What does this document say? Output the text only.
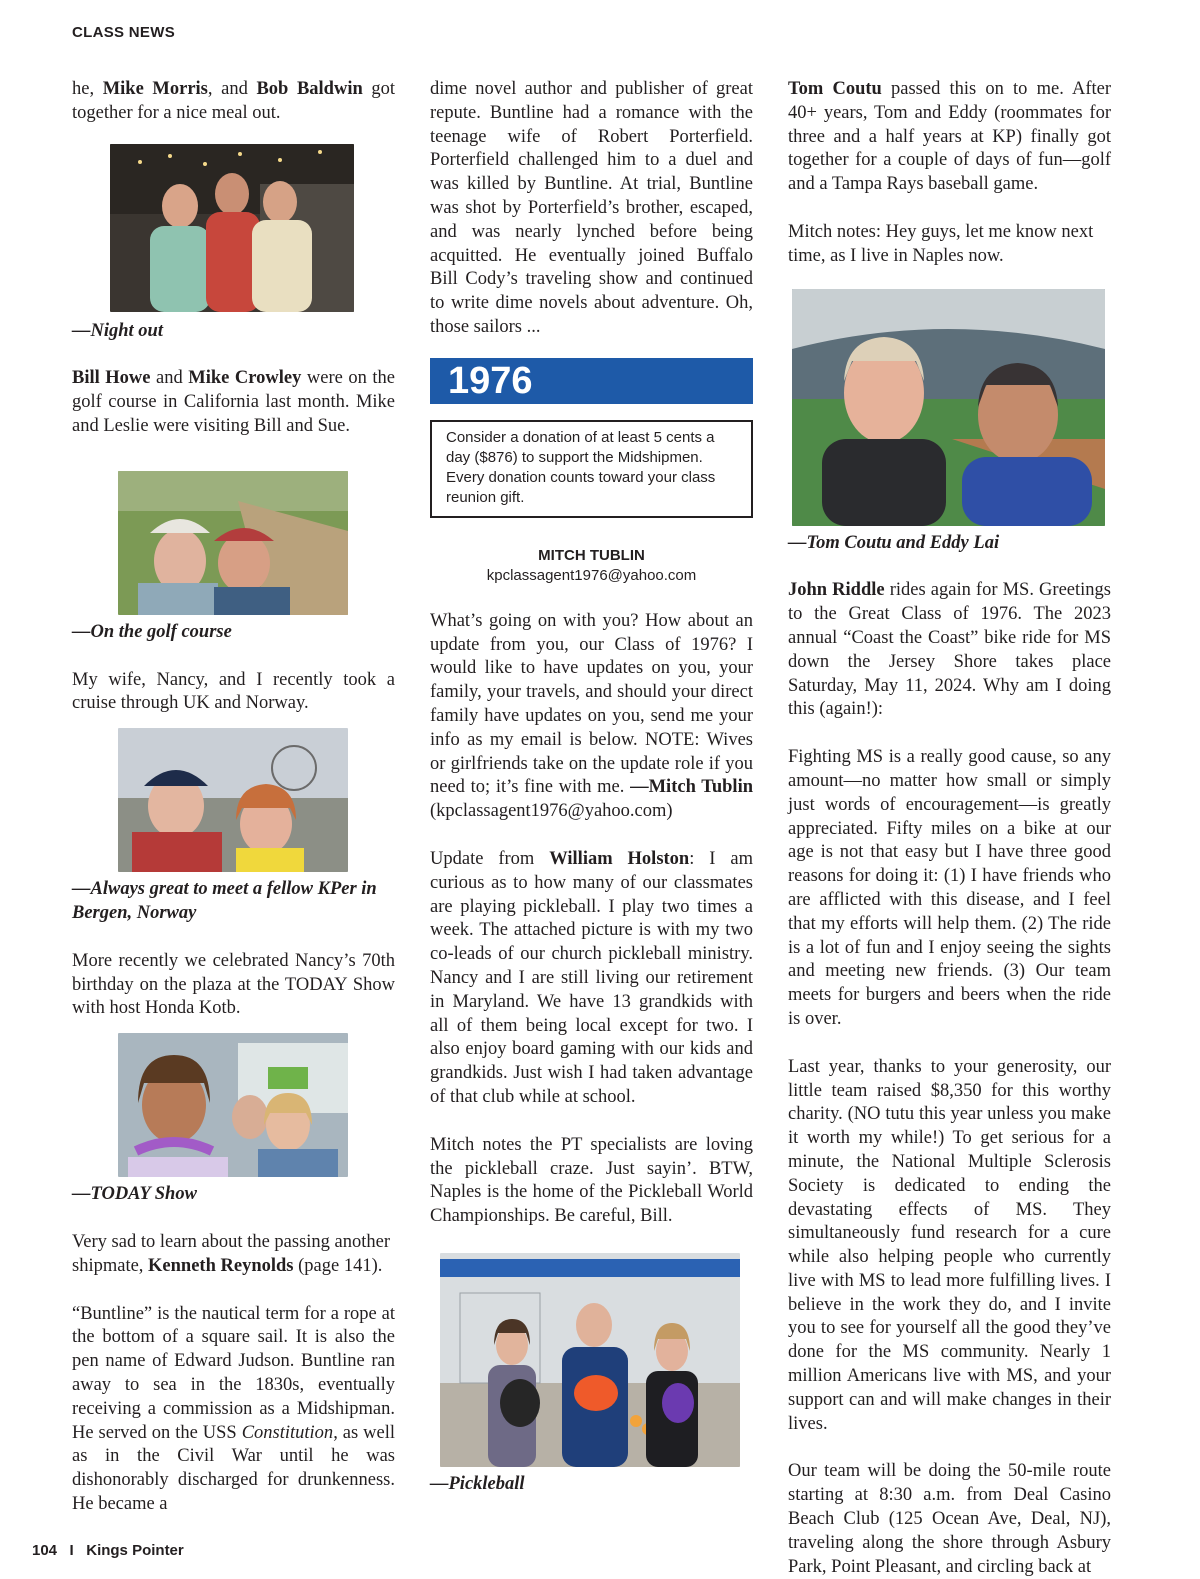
CLASS NEWS

he, Mike Morris, and Bob Baldwin got together for a nice meal out.

—Night out

Bill Howe and Mike Crowley were on the golf course in California last month. Mike and Leslie were visiting Bill and Sue.

—On the golf course

My wife, Nancy, and I recently took a cruise through UK and Norway.

—Always great to meet a fellow KPer in Bergen, Norway

More recently we celebrated Nancy’s 70th birthday on the plaza at the TODAY Show with host Honda Kotb.

—TODAY Show

Very sad to learn about the passing another shipmate, Kenneth Reynolds (page 141).

“Buntline” is the nautical term for a rope at the bottom of a square sail. It is also the pen name of Edward Judson. Buntline ran away to sea in the 1830s, eventually receiving a commission as a Midshipman. He served on the USS Constitution, as well as in the Civil War until he was dishonorably discharged for drunkenness. He became a

dime novel author and publisher of great repute. Buntline had a romance with the teenage wife of Robert Porterfield. Porterfield challenged him to a duel and was killed by Buntline. At trial, Buntline was shot by Porterfield’s brother, escaped, and was nearly lynched before being acquitted. He eventually joined Buffalo Bill Cody’s traveling show and continued to write dime novels about adventure. Oh, those sailors ...

1976
Consider a donation of at least 5 cents a day ($876) to support the Midshipmen. Every donation counts toward your class reunion gift.
MITCH TUBLIN
kpclassagent1976@yahoo.com

What’s going on with you? How about an update from you, our Class of 1976? I would like to have updates on you, your family, your travels, and should your direct family have updates on you, send me your info as my email is below. NOTE: Wives or girlfriends take on the update role if you need to; it’s fine with me. —Mitch Tublin (kpclassagent1976@yahoo.com)

Update from William Holston: I am curious as to how many of our classmates are playing pickleball. I play two times a week. The attached picture is with my two co-leads of our church pickleball ministry. Nancy and I are still living our retirement in Maryland. We have 13 grandkids with all of them being local except for two. I also enjoy board gaming with our kids and grandkids. Just wish I had taken advantage of that club while at school.

Mitch notes the PT specialists are loving the pickleball craze. Just sayin’. BTW, Naples is the home of the Pickleball World Championships. Be careful, Bill.

—Pickleball

Tom Coutu passed this on to me. After 40+ years, Tom and Eddy (roommates for three and a half years at KP) finally got together for a couple of days of fun—golf and a Tampa Rays baseball game.

Mitch notes: Hey guys, let me know next time, as I live in Naples now.

—Tom Coutu and Eddy Lai

John Riddle rides again for MS. Greetings to the Great Class of 1976. The 2023 annual “Coast the Coast” bike ride for MS down the Jersey Shore takes place Saturday, May 11, 2024. Why am I doing this (again!):

Fighting MS is a really good cause, so any amount—no matter how small or simply just words of encouragement—is greatly appreciated. Fifty miles on a bike at our age is not that easy but I have three good reasons for doing it: (1) I have friends who are afflicted with this disease, and I feel that my efforts will help them. (2) The ride is a lot of fun and I enjoy seeing the sights and meeting new friends. (3) Our team meets for burgers and beers when the ride is over.

Last year, thanks to your generosity, our little team raised $8,350 for this worthy charity. (NO tutu this year unless you make it worth my while!) To get serious for a minute, the National Multiple Sclerosis Society is dedicated to ending the devastating effects of MS. They simultaneously fund research for a cure while also helping people who currently live with MS to lead more fulfilling lives. I believe in the work they do, and I invite you to see for yourself all the good they’ve done for the MS community. Nearly 1 million Americans live with MS, and your support can and will make changes in their lives.

Our team will be doing the 50-mile route starting at 8:30 a.m. from Deal Casino Beach Club (125 Ocean Ave, Deal, NJ), traveling along the shore through Asbury Park, Point Pleasant, and circling back at

104 I Kings Pointer
